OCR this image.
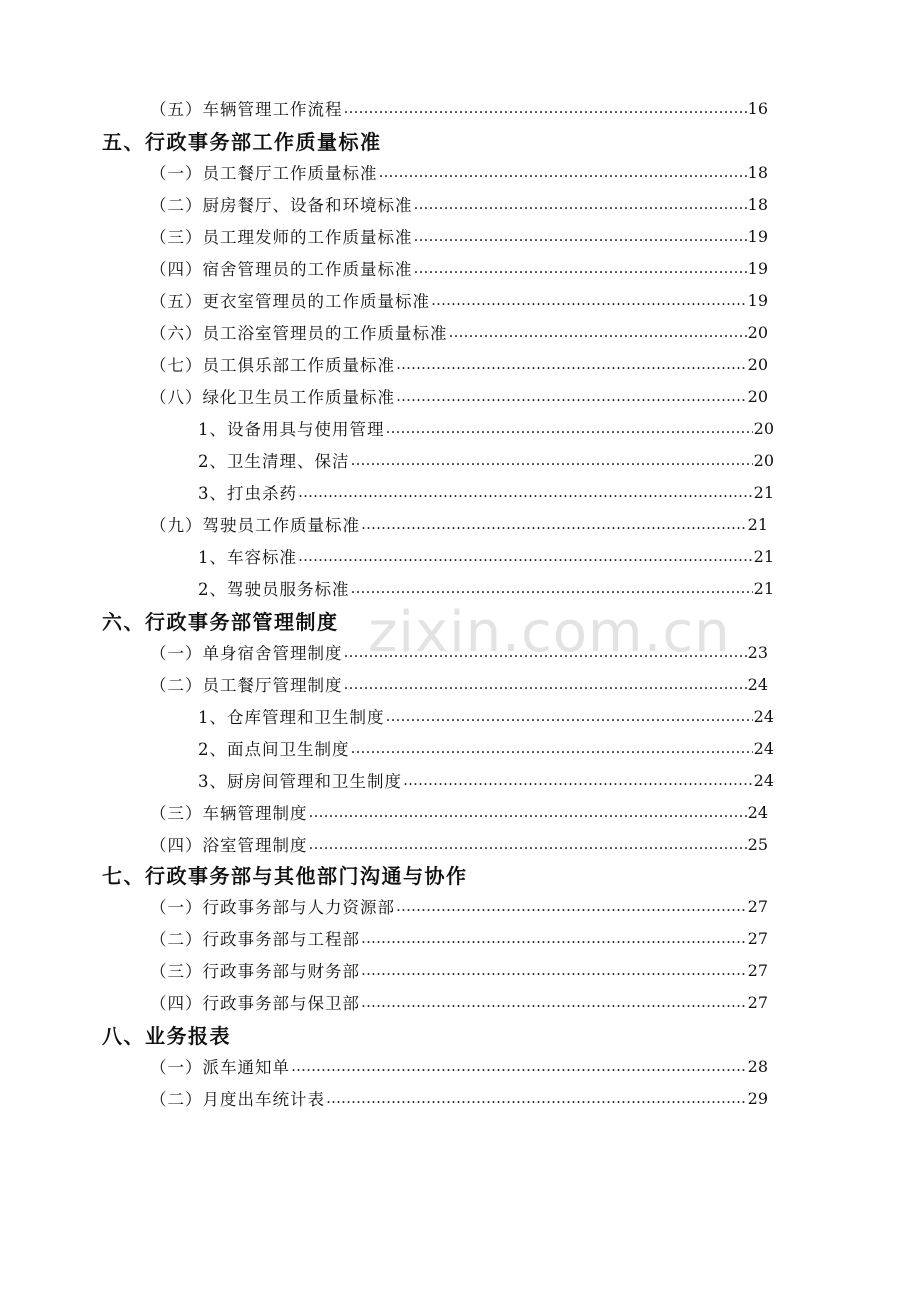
zixin.com.cn
（五）车辆管理工作流程 ……………………………………………………………………………………………………………………………………	16
五、行政事务部工作质量标准
（一）员工餐厅工作质量标准 ……………………………………………………………………………………………………………………………………	18
（二）厨房餐厅、设备和环境标准 ……………………………………………………………………………………………………………………………………	18
（三）员工理发师的工作质量标准 ……………………………………………………………………………………………………………………………………	19
（四）宿舍管理员的工作质量标准 ……………………………………………………………………………………………………………………………………	19
（五）更衣室管理员的工作质量标准 ……………………………………………………………………………………………………………………………………	19
（六）员工浴室管理员的工作质量标准 ……………………………………………………………………………………………………………………………………	20
（七）员工俱乐部工作质量标准 ……………………………………………………………………………………………………………………………………	20
（八）绿化卫生员工作质量标准 ……………………………………………………………………………………………………………………………………	20
1、设备用具与使用管理 ……………………………………………………………………………………………………………………………………	20
2、卫生清理、保洁 ……………………………………………………………………………………………………………………………………	20
3、打虫杀药 ……………………………………………………………………………………………………………………………………	21
（九）驾驶员工作质量标准 ……………………………………………………………………………………………………………………………………	21
1、车容标准 ……………………………………………………………………………………………………………………………………	21
2、驾驶员服务标准 ……………………………………………………………………………………………………………………………………	21
六、行政事务部管理制度
（一）单身宿舍管理制度 ……………………………………………………………………………………………………………………………………	23
（二）员工餐厅管理制度 ……………………………………………………………………………………………………………………………………	24
1、仓库管理和卫生制度 ……………………………………………………………………………………………………………………………………	24
2、面点间卫生制度 ……………………………………………………………………………………………………………………………………	24
3、厨房间管理和卫生制度 ……………………………………………………………………………………………………………………………………	24
（三）车辆管理制度 ……………………………………………………………………………………………………………………………………	24
（四）浴室管理制度 ……………………………………………………………………………………………………………………………………	25
七、行政事务部与其他部门沟通与协作
（一）行政事务部与人力资源部 ……………………………………………………………………………………………………………………………………	27
（二）行政事务部与工程部 ……………………………………………………………………………………………………………………………………	27
（三）行政事务部与财务部 ……………………………………………………………………………………………………………………………………	27
（四）行政事务部与保卫部 ……………………………………………………………………………………………………………………………………	27
八、业务报表
（一）派车通知单 ……………………………………………………………………………………………………………………………………	28
（二）月度出车统计表 ……………………………………………………………………………………………………………………………………	29
